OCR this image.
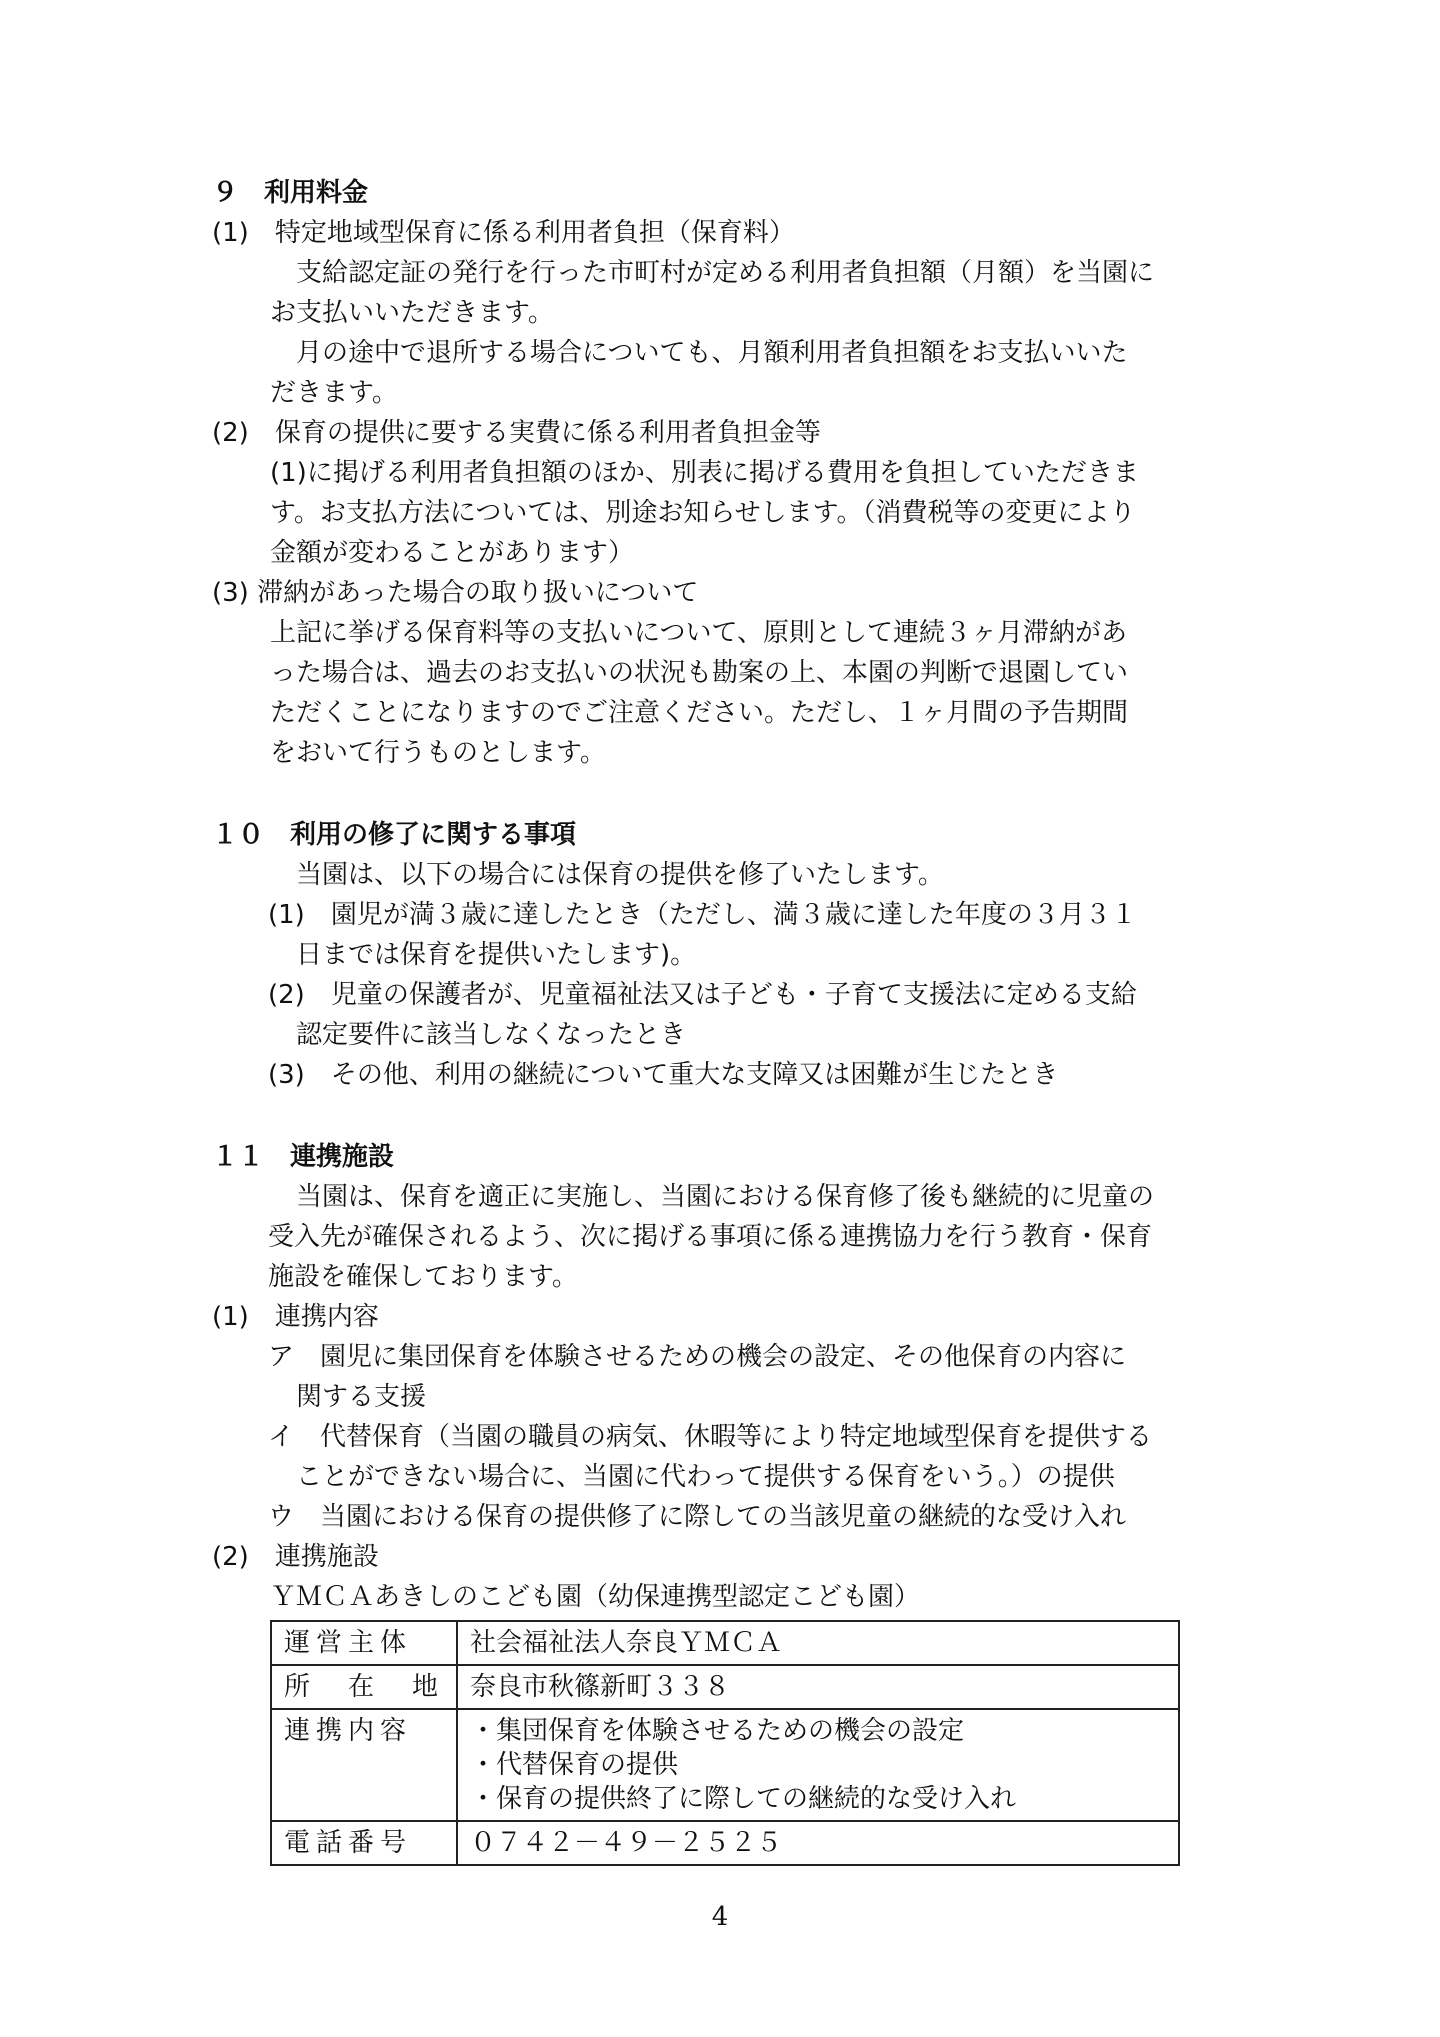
９　利用料金
(1)　特定地域型保育に係る利用者負担（保育料）
支給認定証の発行を行った市町村が定める利用者負担額（月額）を当園に
お支払いいただきます。
月の途中で退所する場合についても、月額利用者負担額をお支払いいた
だきます。
(2)　保育の提供に要する実費に係る利用者負担金等
(1)に掲げる利用者負担額のほか、別表に掲げる費用を負担していただきま
す。お支払方法については、別途お知らせします。（消費税等の変更により
金額が変わることがあります）
(3) 滞納があった場合の取り扱いについて
上記に挙げる保育料等の支払いについて、原則として連続３ヶ月滞納があ
った場合は、過去のお支払いの状況も勘案の上、本園の判断で退園してい
ただくことになりますのでご注意ください。ただし、１ヶ月間の予告期間
をおいて行うものとします。
１０　利用の修了に関する事項
当園は、以下の場合には保育の提供を修了いたします。
(1)　園児が満３歳に達したとき（ただし、満３歳に達した年度の３月３１
日までは保育を提供いたします)。
(2)　児童の保護者が、児童福祉法又は子ども・子育て支援法に定める支給
認定要件に該当しなくなったとき
(3)　その他、利用の継続について重大な支障又は困難が生じたとき
１１　連携施設
当園は、保育を適正に実施し、当園における保育修了後も継続的に児童の
受入先が確保されるよう、次に掲げる事項に係る連携協力を行う教育・保育
施設を確保しております。
(1)　連携内容
ア　園児に集団保育を体験させるための機会の設定、その他保育の内容に
関する支援
イ　代替保育（当園の職員の病気、休暇等により特定地域型保育を提供する
ことができない場合に、当園に代わって提供する保育をいう。）の提供
ウ　当園における保育の提供修了に際しての当該児童の継続的な受け入れ
(2)　連携施設
ＹＭＣＡあきしのこども園（幼保連携型認定こども園）
運営主体	社会福祉法人奈良ＹＭＣＡ
所　在　地	奈良市秋篠新町３３８
連携内容	・集団保育を体験させるための機会の設定
・代替保育の提供
・保育の提供終了に際しての継続的な受け入れ

電話番号	０７４２－４９－２５２５
4
